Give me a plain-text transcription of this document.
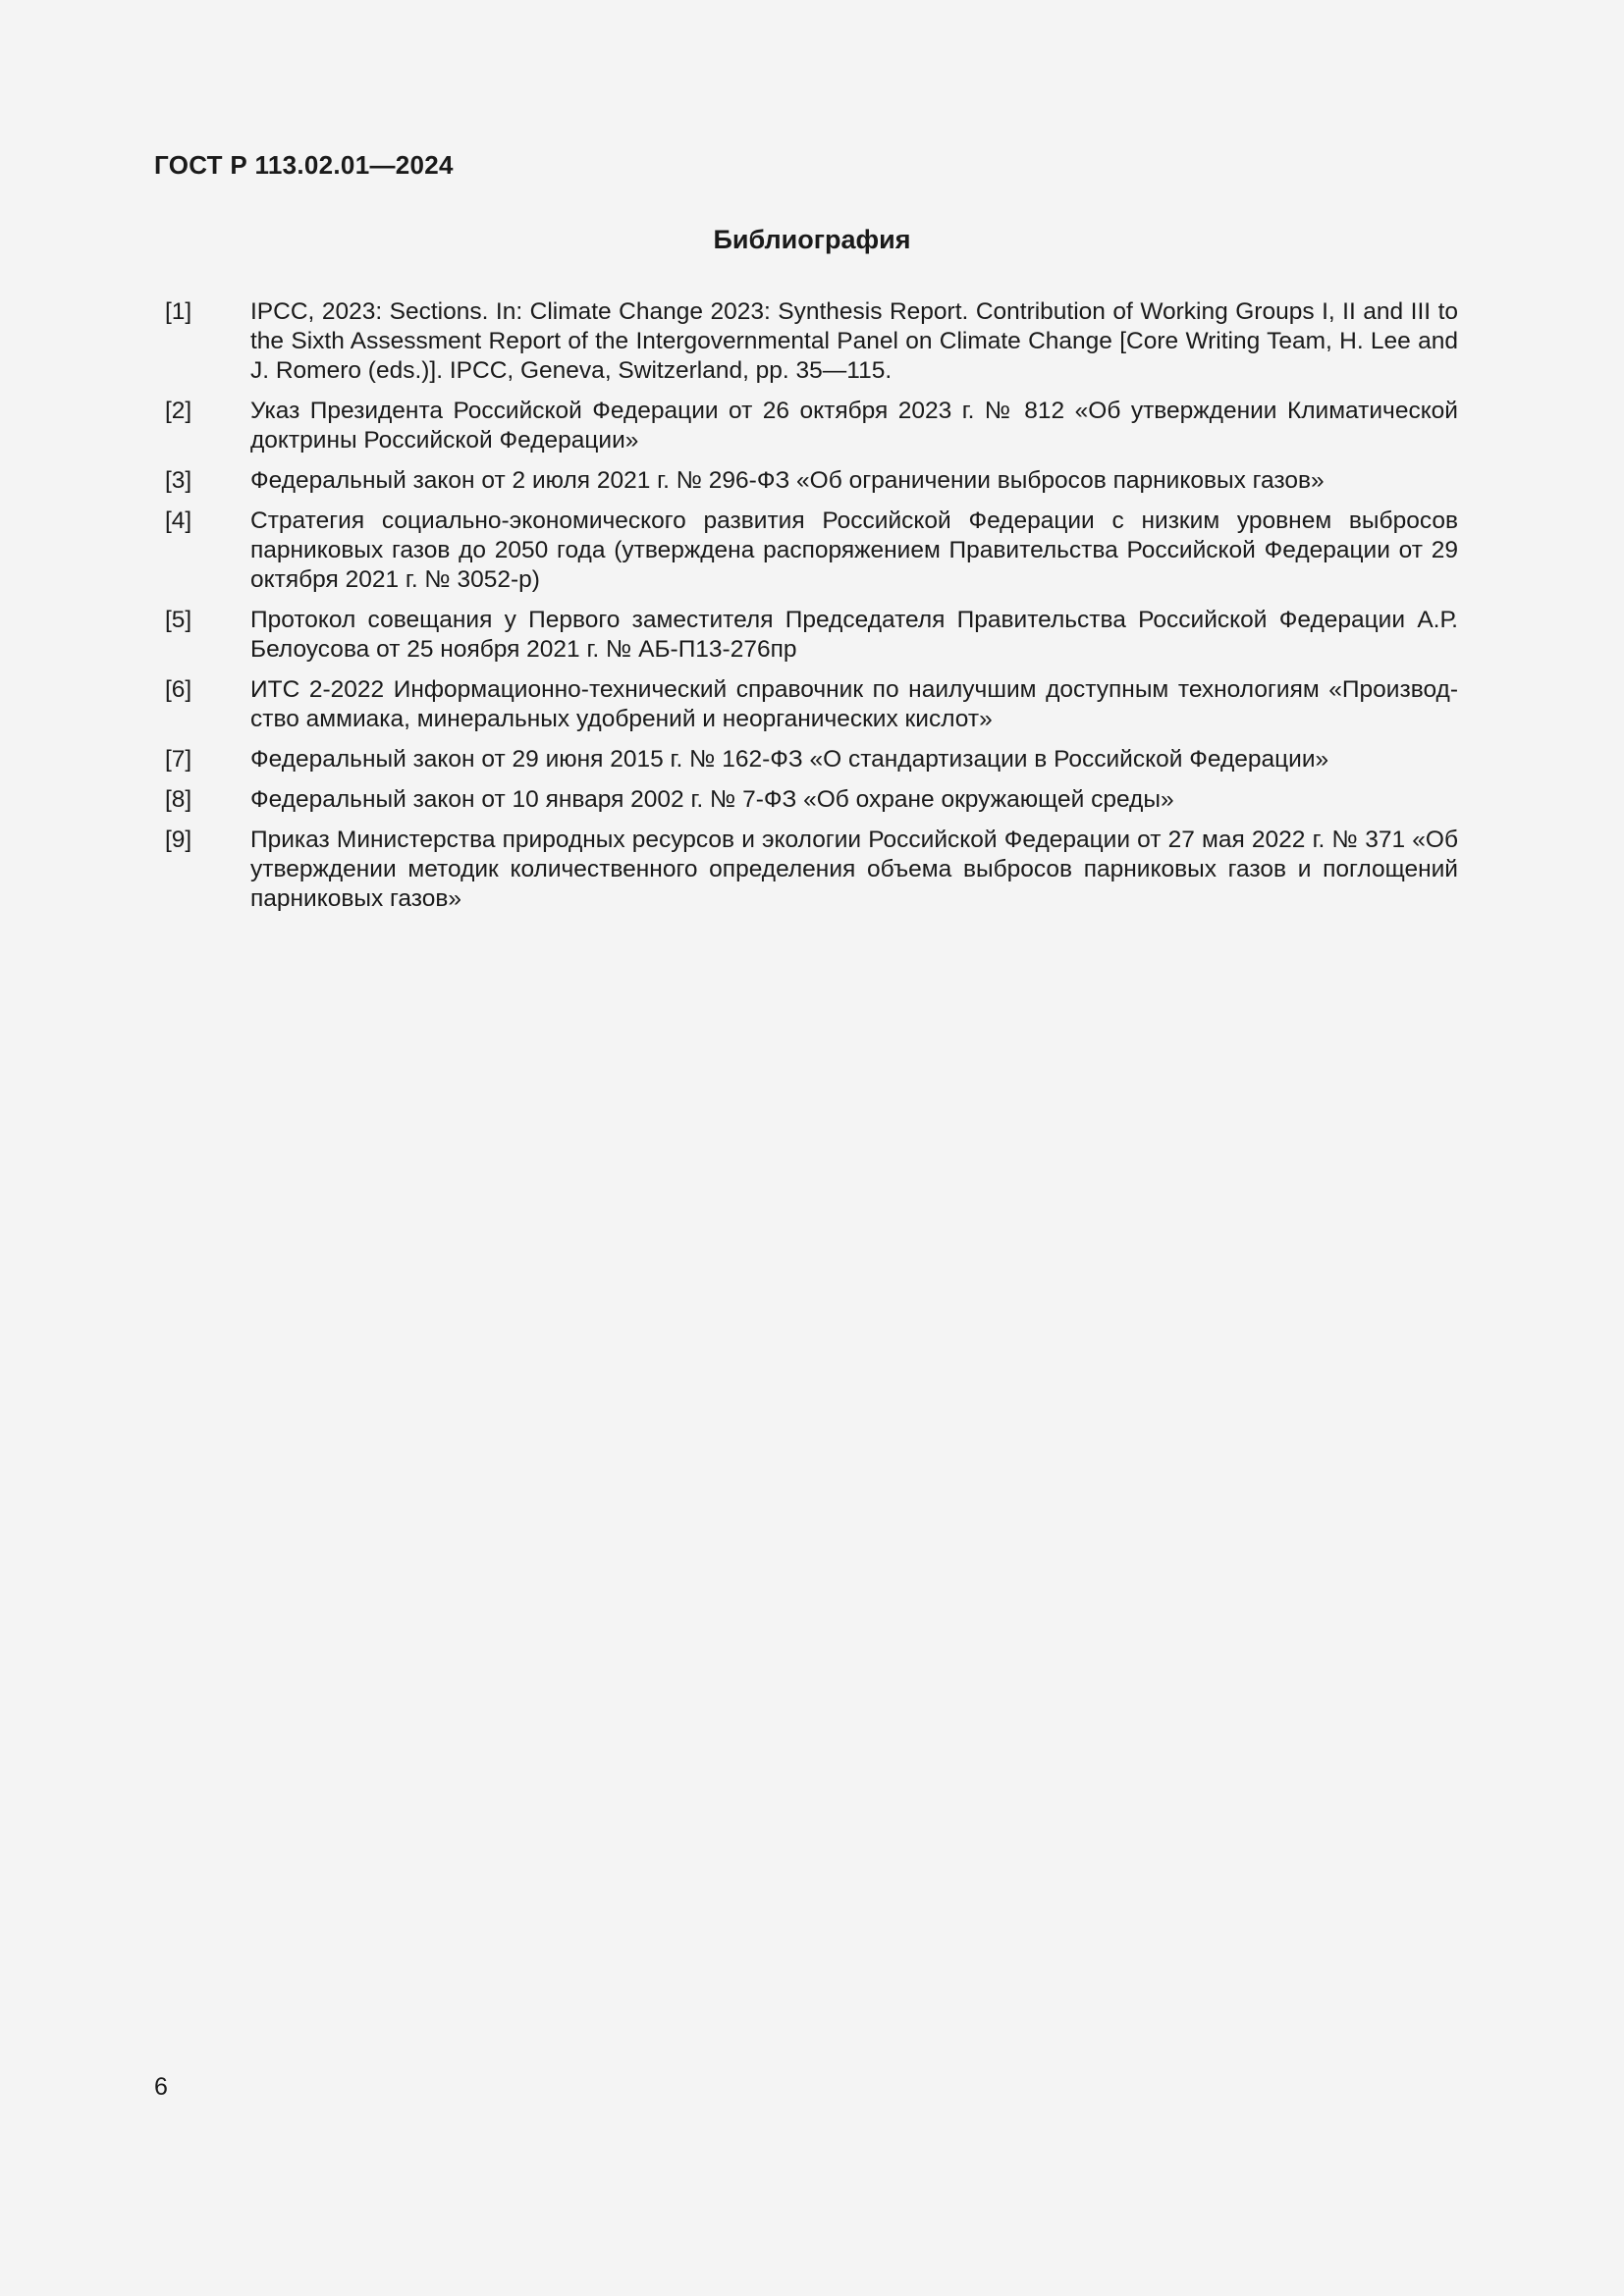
ГОСТ Р 113.02.01—2024
Библиография
[1]	IPCC, 2023: Sections. In: Climate Change 2023: Synthesis Report. Contribution of Working Groups I, II and III to the Sixth Assessment Report of the Intergovernmental Panel on Climate Change [Core Writing Team, H. Lee and J. Romero (eds.)]. IPCC, Geneva, Switzerland, pp. 35—115.
[2]	Указ Президента Российской Федерации от 26 октября 2023 г. № 812 «Об утверждении Климатической доктрины Российской Федерации»
[3]	Федеральный закон от 2 июля 2021 г. № 296-ФЗ «Об ограничении выбросов парниковых газов»
[4]	Стратегия социально-экономического развития Российской Федерации с низким уровнем выбросов парниковых газов до 2050 года (утверждена распоряжением Правительства Российской Федерации от 29 октября 2021 г. № 3052-р)
[5]	Протокол совещания у Первого заместителя Председателя Правительства Российской Федерации А.Р. Белоусова от 25 ноября 2021 г. № АБ-П13-276пр
[6]	ИТС 2-2022 Информационно-технический справочник по наилучшим доступным технологиям «Производство аммиака, минеральных удобрений и неорганических кислот»
[7]	Федеральный закон от 29 июня 2015 г. № 162-ФЗ «О стандартизации в Российской Федерации»
[8]	Федеральный закон от 10 января 2002 г. № 7-ФЗ «Об охране окружающей среды»
[9]	Приказ Министерства природных ресурсов и экологии Российской Федерации от 27 мая 2022 г. № 371 «Об утверждении методик количественного определения объема выбросов парниковых газов и поглощений парниковых газов»
6
